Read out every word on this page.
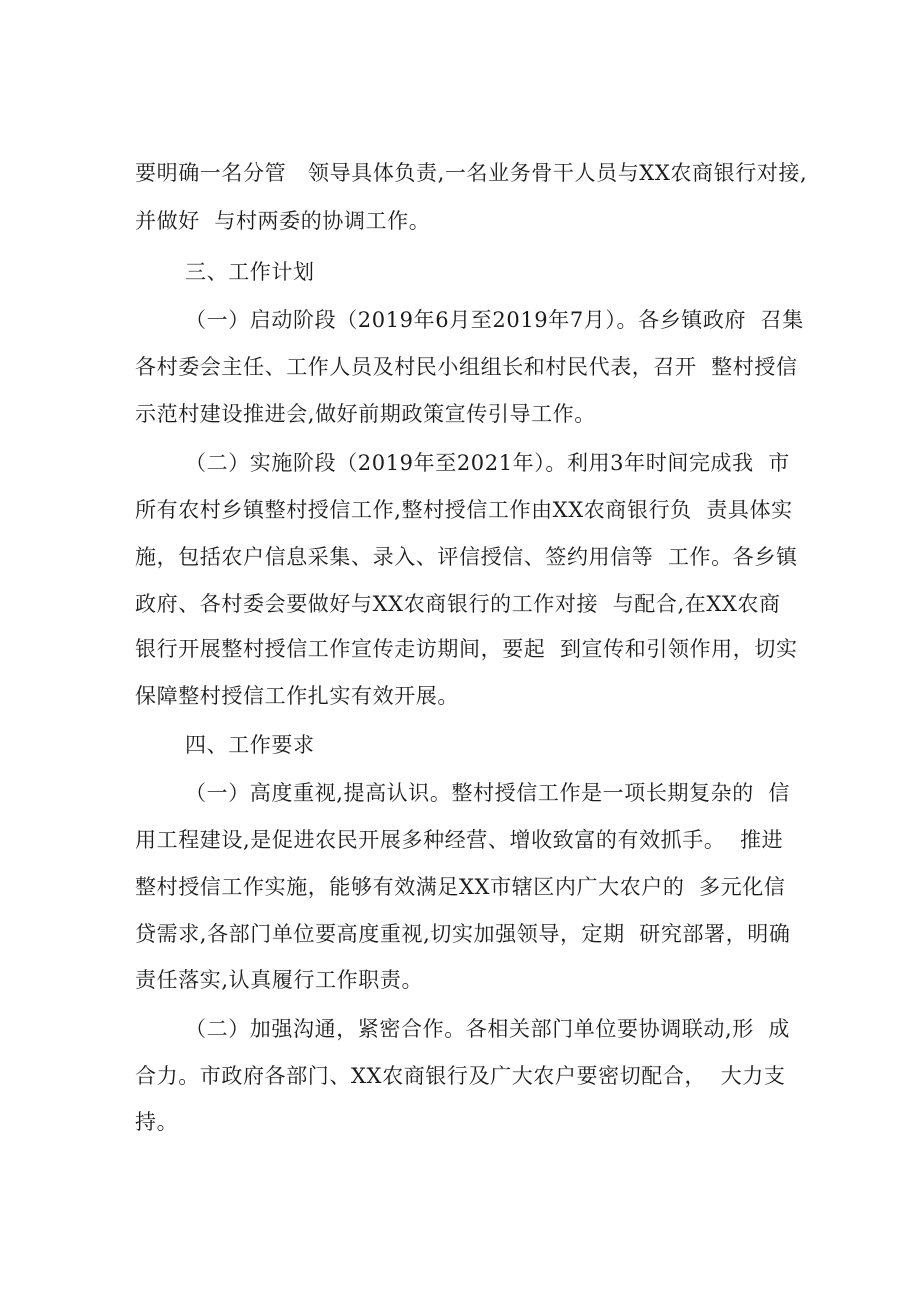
要明确一名分管   领导具体负责,一名业务骨干人员与XX农商银行对接,
并做好  与村两委的协调工作。
三、工作计划
（一）启动阶段（2019年6月至2019年7月）。各乡镇政府  召集
各村委会主任、工作人员及村民小组组长和村民代表，召开  整村授信
示范村建设推进会,做好前期政策宣传引导工作。
（二）实施阶段（2019年至2021年）。利用3年时间完成我  市
所有农村乡镇整村授信工作,整村授信工作由XX农商银行负  责具体实
施，包括农户信息采集、录入、评信授信、签约用信等  工作。各乡镇
政府、各村委会要做好与XX农商银行的工作对接  与配合,在XX农商
银行开展整村授信工作宣传走访期间，要起  到宣传和引领作用，切实
保障整村授信工作扎实有效开展。
四、工作要求
（一）高度重视,提高认识。整村授信工作是一项长期复杂的  信
用工程建设,是促进农民开展多种经营、增收致富的有效抓手。  推进
整村授信工作实施，能够有效满足XX市辖区内广大农户的  多元化信
贷需求,各部门单位要高度重视,切实加强领导，定期  研究部署，明确
责任落实,认真履行工作职责。
（二）加强沟通，紧密合作。各相关部门单位要协调联动,形  成
合力。市政府各部门、XX农商银行及广大农户要密切配合，  大力支
持。
